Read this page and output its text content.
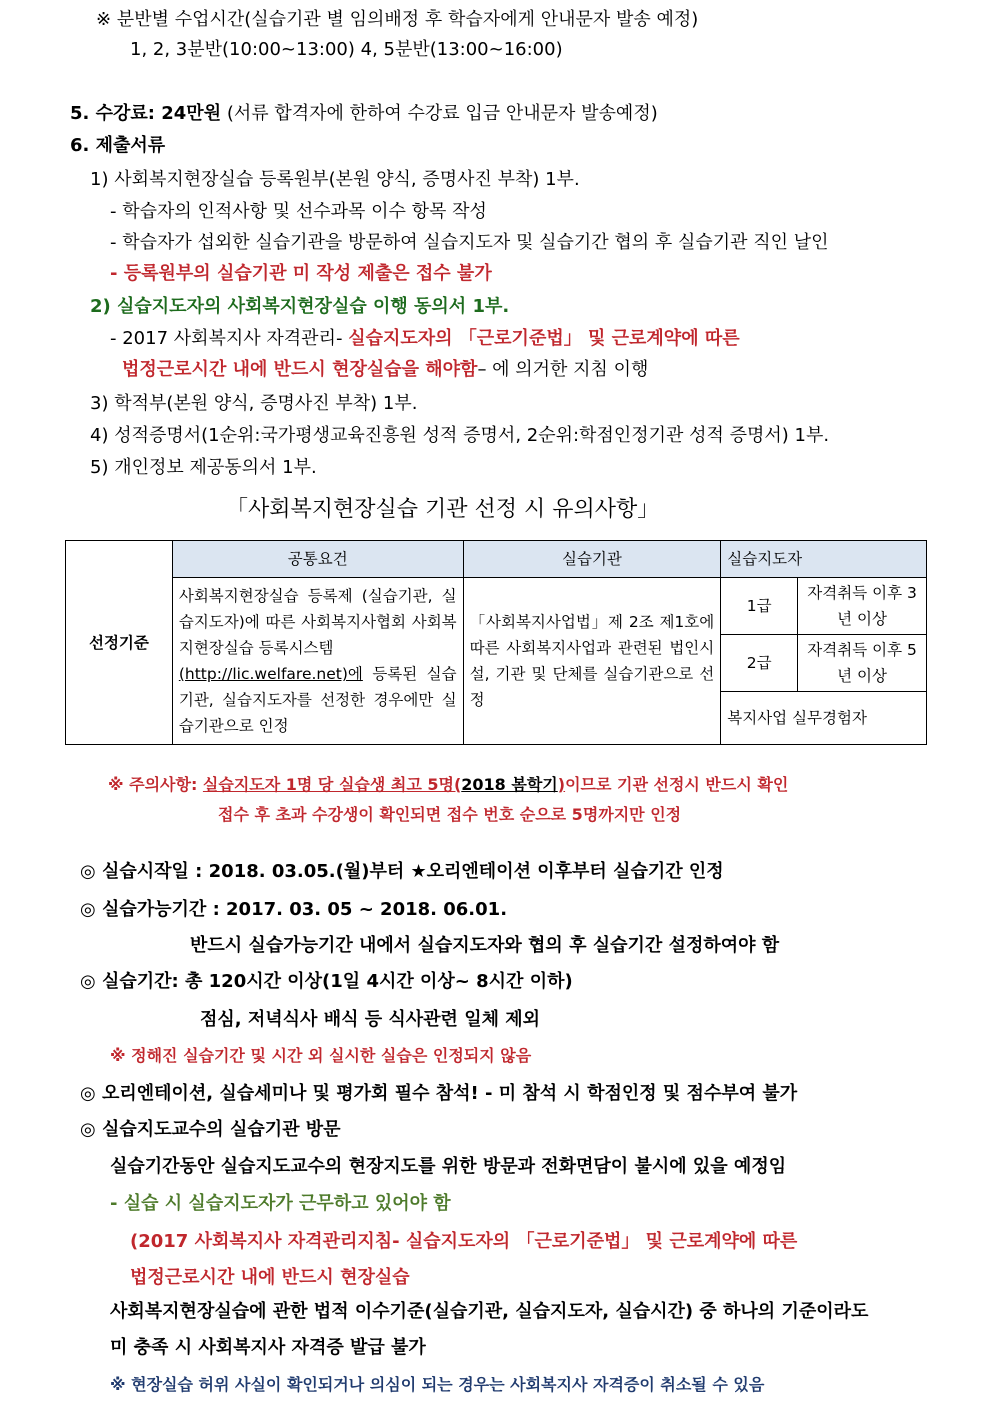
※ 분반별 수업시간(실습기관 별 임의배정 후 학습자에게 안내문자 발송 예정)
1, 2, 3분반(10:00~13:00) 4, 5분반(13:00~16:00)
5. 수강료: 24만원 (서류 합격자에 한하여 수강료 입금 안내문자 발송예정)
6. 제출서류
1) 사회복지현장실습 등록원부(본원 양식, 증명사진 부착) 1부.
- 학습자의 인적사항 및 선수과목 이수 항목 작성
- 학습자가 섭외한 실습기관을 방문하여 실습지도자 및 실습기간 협의 후 실습기관 직인 날인
- 등록원부의 실습기관 미 작성 제출은 접수 불가
2) 실습지도자의 사회복지현장실습 이행 동의서 1부.
- 2017 사회복지사 자격관리- 실습지도자의 「근로기준법」 및 근로계약에 따른
법정근로시간 내에 반드시 현장실습을 해야함– 에 의거한 지침 이행
3) 학적부(본원 양식, 증명사진 부착) 1부.
4) 성적증명서(1순위:국가평생교육진흥원 성적 증명서, 2순위:학점인정기관 성적 증명서) 1부.
5) 개인정보 제공동의서 1부.
「사회복지현장실습 기관 선정 시 유의사항」
선정기준	공통요건	실습기관	실습지도자	
	사회복지현장실습 등록제 (실습기관, 실습지도자)에 따른 사회복지사협회 사회복지현장실습 등록시스템
(http://lic.welfare.net)에 등록된 실습기관, 실습지도자를 선정한 경우에만 실습기관으로 인정	「사회복지사업법」제 2조 제1호에 따른 사회복지사업과 관련된 법인시설, 기관 및 단체를 실습기관으로 선정	1급	자격취득 이후 3년 이상
			2급	자격취득 이후 5년 이상
			복지사업 실무경험자	
※ 주의사항: 실습지도자 1명 당 실습생 최고 5명(2018 봄학기)이므로 기관 선정시 반드시 확인
접수 후 초과 수강생이 확인되면 접수 번호 순으로 5명까지만 인정
◎ 실습시작일 : 2018. 03.05.(월)부터 ★오리엔테이션 이후부터 실습기간 인정
◎ 실습가능기간 : 2017. 03. 05 ~ 2018. 06.01.
반드시 실습가능기간 내에서 실습지도자와 협의 후 실습기간 설정하여야 함
◎ 실습기간: 총 120시간 이상(1일 4시간 이상~ 8시간 이하)
점심, 저녁식사 배식 등 식사관련 일체 제외
※ 정해진 실습기간 및 시간 외 실시한 실습은 인정되지 않음
◎ 오리엔테이션, 실습세미나 및 평가회 필수 참석! - 미 참석 시 학점인정 및 점수부여 불가
◎ 실습지도교수의 실습기관 방문
실습기간동안 실습지도교수의 현장지도를 위한 방문과 전화면담이 불시에 있을 예정임
- 실습 시 실습지도자가 근무하고 있어야 함
(2017 사회복지사 자격관리지침- 실습지도자의 「근로기준법」 및 근로계약에 따른
법정근로시간 내에 반드시 현장실습
사회복지현장실습에 관한 법적 이수기준(실습기관, 실습지도자, 실습시간) 중 하나의 기준이라도
미 충족 시 사회복지사 자격증 발급 불가
※ 현장실습 허위 사실이 확인되거나 의심이 되는 경우는 사회복지사 자격증이 취소될 수 있음
